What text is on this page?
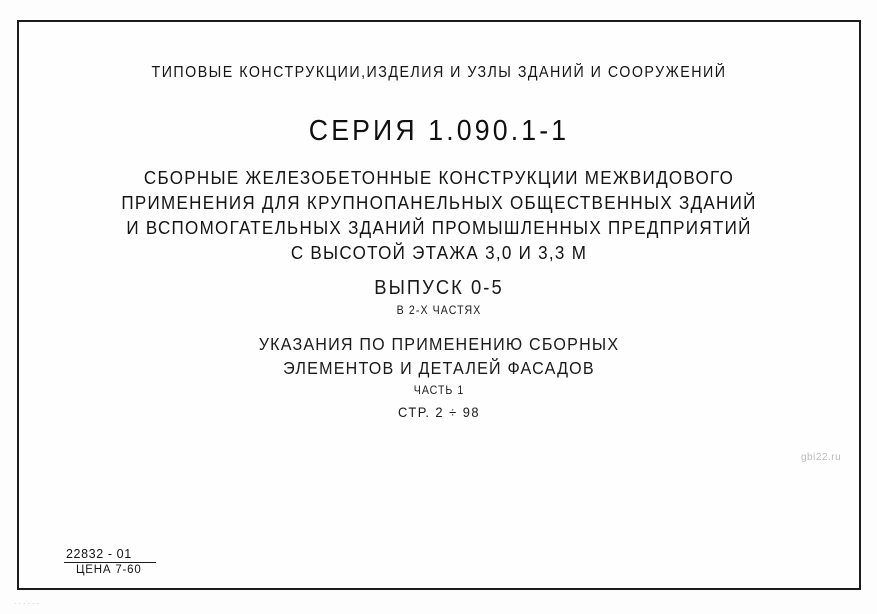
ТИПОВЫЕ КОНСТРУКЦИИ,ИЗДЕЛИЯ И УЗЛЫ ЗДАНИЙ И СООРУЖЕНИЙ
СЕРИЯ 1.090.1-1
СБОРНЫЕ ЖЕЛЕЗОБЕТОННЫЕ КОНСТРУКЦИИ МЕЖВИДОВОГО
ПРИМЕНЕНИЯ ДЛЯ КРУПНОПАНЕЛЬНЫХ ОБЩЕСТВЕННЫХ ЗДАНИЙ
И ВСПОМОГАТЕЛЬНЫХ ЗДАНИЙ ПРОМЫШЛЕННЫХ ПРЕДПРИЯТИЙ
С ВЫСОТОЙ ЭТАЖА 3,0 И 3,3 М
ВЫПУСК 0-5
В 2-Х ЧАСТЯХ
УКАЗАНИЯ ПО ПРИМЕНЕНИЮ СБОРНЫХ
ЭЛЕМЕНТОВ И ДЕТАЛЕЙ ФАСАДОВ
ЧАСТЬ 1
СТР. 2 ÷ 98
gbi22.ru
22832 - 01
ЦЕНА 7-60
......
